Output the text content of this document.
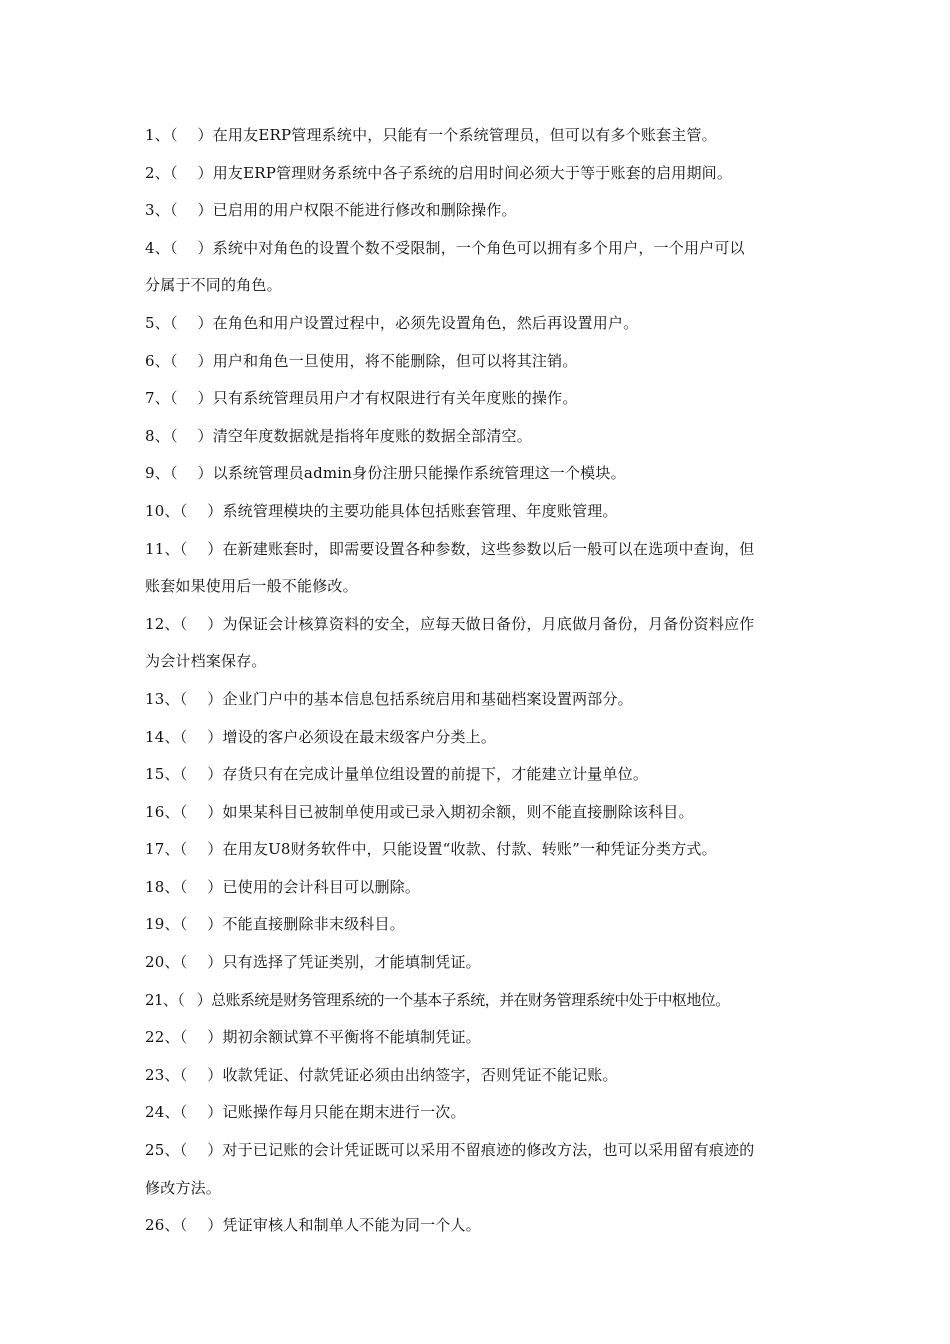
1、（    ）在用友ERP管理系统中，只能有一个系统管理员，但可以有多个账套主管。
2、（    ）用友ERP管理财务系统中各子系统的启用时间必须大于等于账套的启用期间。
3、（    ）已启用的用户权限不能进行修改和删除操作。
4、（    ）系统中对角色的设置个数不受限制，一个角色可以拥有多个用户，一个用户可以
分属于不同的角色。
5、（    ）在角色和用户设置过程中，必须先设置角色，然后再设置用户。
6、（    ）用户和角色一旦使用，将不能删除，但可以将其注销。
7、（    ）只有系统管理员用户才有权限进行有关年度账的操作。
8、（    ）清空年度数据就是指将年度账的数据全部清空。
9、（    ）以系统管理员admin身份注册只能操作系统管理这一个模块。
10、（    ）系统管理模块的主要功能具体包括账套管理、年度账管理。
11、（    ）在新建账套时，即需要设置各种参数，这些参数以后一般可以在选项中查询，但
账套如果使用后一般不能修改。
12、（    ）为保证会计核算资料的安全，应每天做日备份，月底做月备份，月备份资料应作
为会计档案保存。
13、（    ）企业门户中的基本信息包括系统启用和基础档案设置两部分。
14、（    ）增设的客户必须设在最末级客户分类上。
15、（    ）存货只有在完成计量单位组设置的前提下，才能建立计量单位。
16、（    ）如果某科目已被制单使用或已录入期初余额，则不能直接删除该科目。
17、（    ）在用友U8财务软件中，只能设置“收款、付款、转账”一种凭证分类方式。
18、（    ）已使用的会计科目可以删除。
19、（    ）不能直接删除非末级科目。
20、（    ）只有选择了凭证类别，才能填制凭证。
21、（   ）总账系统是财务管理系统的一个基本子系统，并在财务管理系统中处于中枢地位。
22、（    ）期初余额试算不平衡将不能填制凭证。
23、（    ）收款凭证、付款凭证必须由出纳签字，否则凭证不能记账。
24、（    ）记账操作每月只能在期末进行一次。
25、（    ）对于已记账的会计凭证既可以采用不留痕迹的修改方法，也可以采用留有痕迹的
修改方法。
26、（    ）凭证审核人和制单人不能为同一个人。
